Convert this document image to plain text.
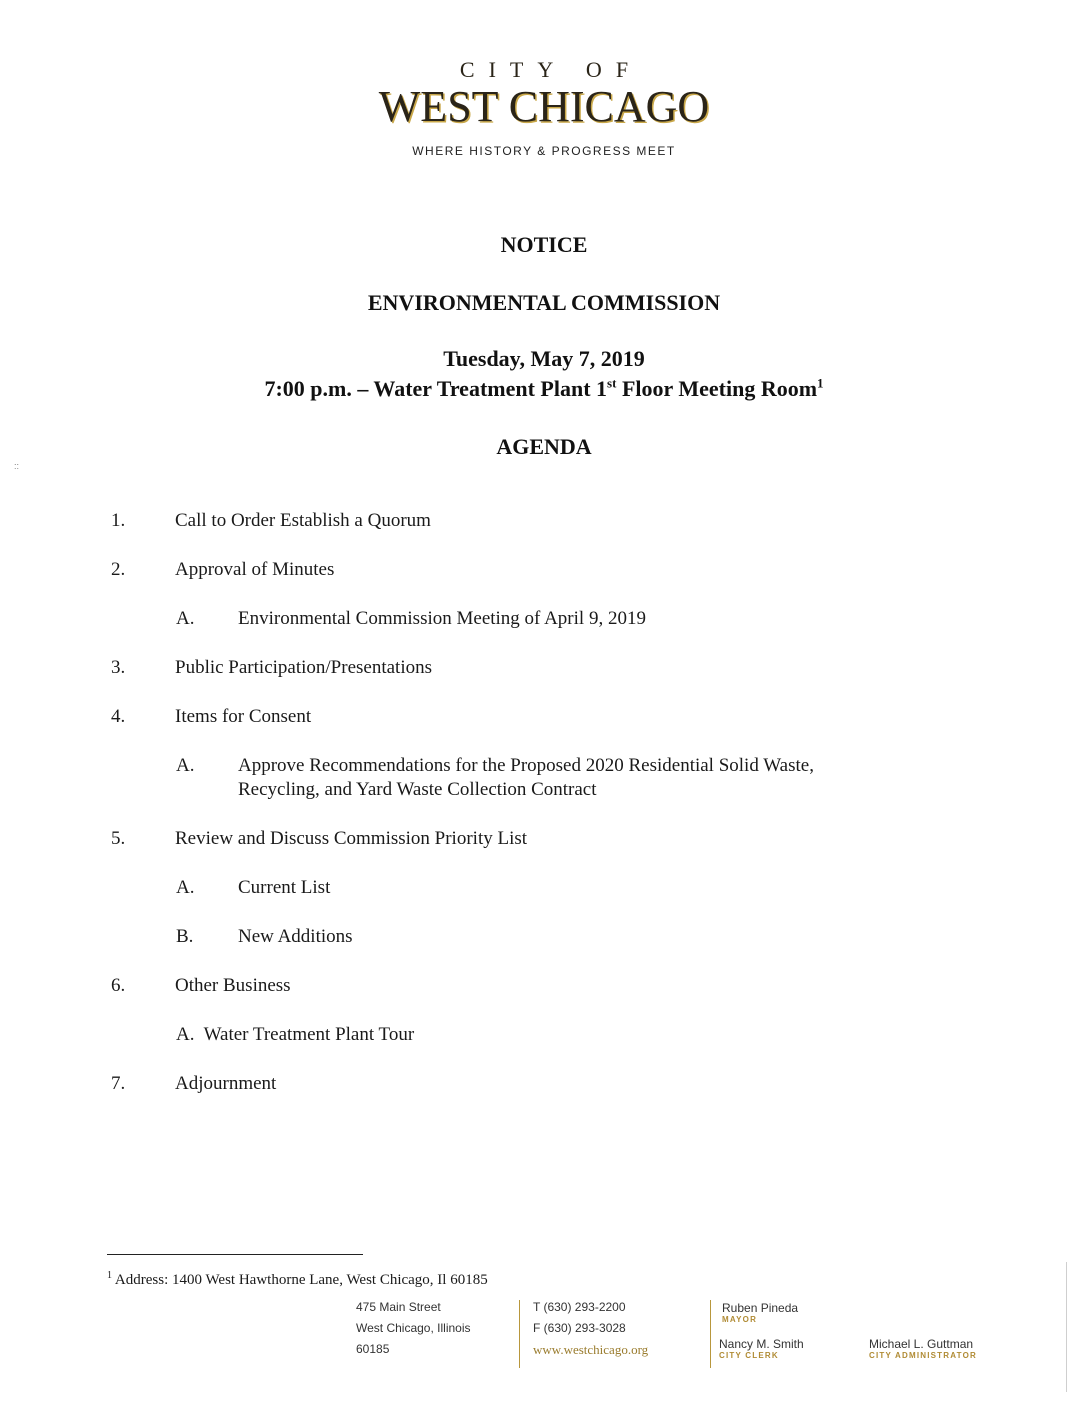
CITY OF
WEST CHICAGO
WHERE HISTORY & PROGRESS MEET
NOTICE
ENVIRONMENTAL COMMISSION
Tuesday, May 7, 2019
7:00 p.m. – Water Treatment Plant 1st Floor Meeting Room$^1$
AGENDA
::
1.	Call to Order Establish a Quorum
2.	Approval of Minutes
A. Environmental Commission Meeting of April 9, 2019
3.	Public Participation/Presentations
4.	Items for Consent
A. Approve Recommendations for the Proposed 2020 Residential Solid Waste,
Recycling, and Yard Waste Collection Contract
5.	Review and Discuss Commission Priority List
A. Current List
B. New Additions
6.	Other Business
A.  Water Treatment Plant Tour
7.	Adjournment
$^1$ Address: 1400 West Hawthorne Lane, West Chicago, Il 60185
475 Main Street
West Chicago, Illinois
60185
T (630) 293-2200
F (630) 293-3028
www.westchicago.org
Ruben Pineda
MAYOR
Nancy M. Smith
CITY CLERK
Michael L. Guttman
CITY ADMINISTRATOR
